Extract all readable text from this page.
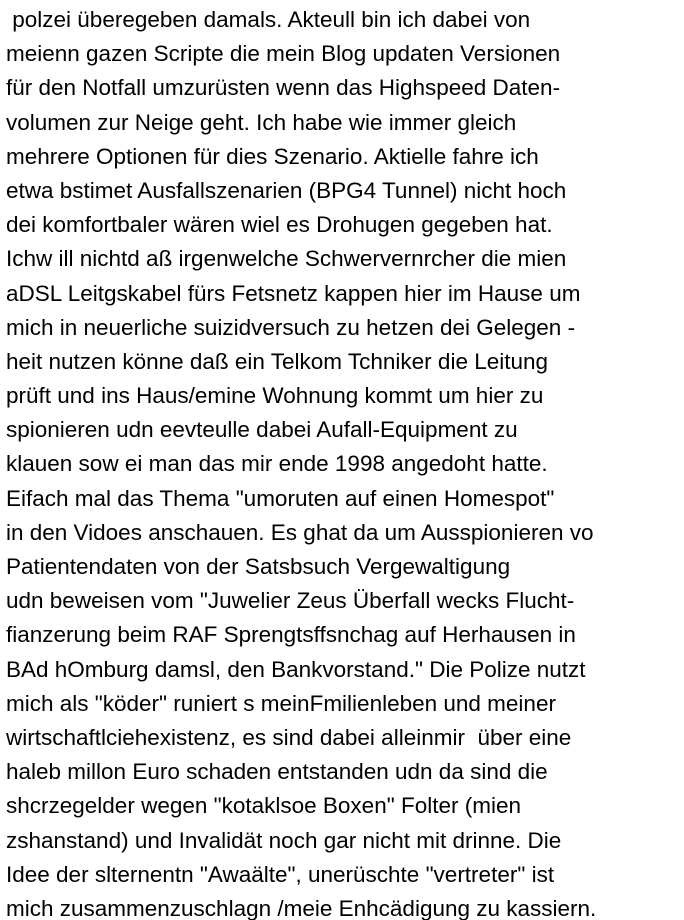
polzei überegeben damals. Akteull bin ich dabei von
meienn gazen Scripte die mein Blog updaten Versionen
für den Notfall umzurüsten wenn das Highspeed Daten-
volumen zur Neige geht. Ich habe wie immer gleich
mehrere Optionen für dies Szenario. Aktielle fahre ich
etwa bstimet Ausfallszenarien (BPG4 Tunnel) nicht hoch
dei komfortbaler wären wiel es Drohugen gegeben hat.
Ichw ill nichtd aß irgenwelche Schwervernrcher die mien
aDSL Leitgskabel fürs Fetsnetz kappen hier im Hause um
mich in neuerliche suizidversuch zu hetzen dei Gelegen -
heit nutzen könne daß ein Telkom Tchniker die Leitung
prüft und ins Haus/emine Wohnung kommt um hier zu
spionieren udn eevteulle dabei Aufall-Equipment zu
klauen sow ei man das mir ende 1998 angedoht hatte.
Eifach mal das Thema "umoruten auf einen Homespot"
in den Vidoes anschauen. Es ghat da um Ausspionieren vo
Patientendaten von der Satsbsuch Vergewaltigung
udn beweisen vom "Juwelier Zeus Überfall wecks Flucht-
fianzerung beim RAF Sprengtsffsnchag auf Herhausen in
BAd hOmburg damsl, den Bankvorstand." Die Polize nutzt
mich als "köder" runiert s meinFmilienleben und meiner
wirtschaftlciehexistenz, es sind dabei alleinmir  über eine
haleb millon Euro schaden entstanden udn da sind die
shcrzegelder wegen "kotaklsoe Boxen" Folter (mien
zshanstand) und Invalidät noch gar nicht mit drinne. Die
Idee der slternentn "Awaälte", unerüschte "vertreter" ist
mich zusammenzuschlagn /meie Enhcädigung zu kassiern.
